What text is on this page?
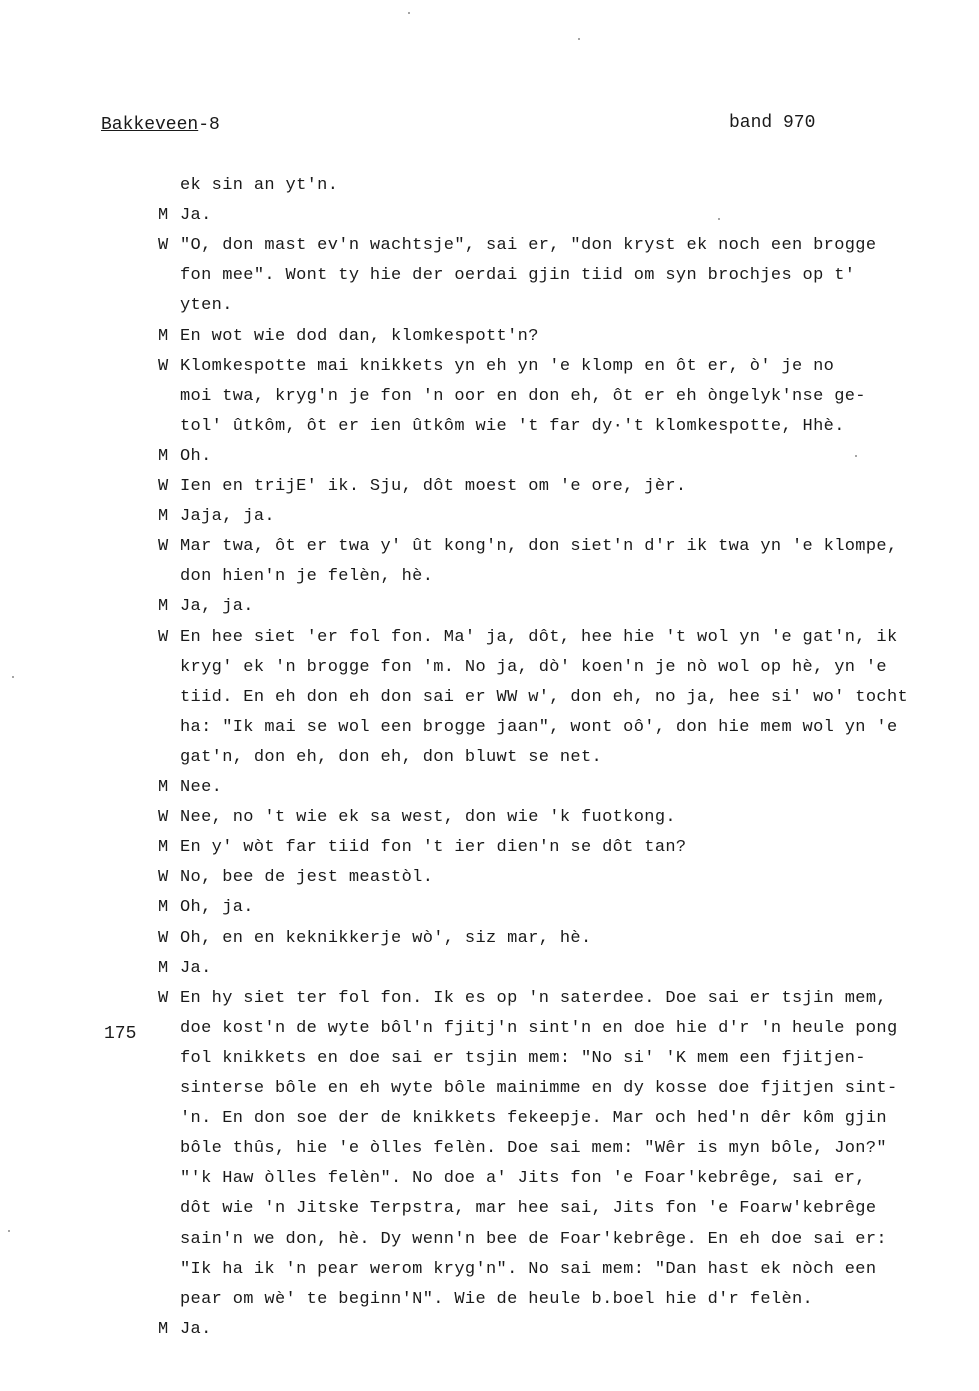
Bakkeveen-8	band 970
175
ek sin an yt'n.
M Ja.
W "O, don mast ev'n wachtsje", sai er, "don kryst ek noch een brogge
fon mee". Wont ty hie der oerdai gjin tiid om syn brochjes op t'
yten.
M En wot wie dod dan, klomkespott'n?
W Klomkespotte mai knikkets yn eh yn 'e klomp en ôt er, ò' je no
moi twa, kryg'n je fon 'n oor en don eh, ôt er eh òngelyk'nse ge-
tol' ûtkôm, ôt er ien ûtkôm wie 't far dy·'t klomkespotte, Hhè.
M Oh.
W Ien en trijE' ik. Sju, dôt moest om 'e ore, jèr.
M Jaja, ja.
W Mar twa, ôt er twa y' ût kong'n, don siet'n d'r ik twa yn 'e klompe,
don hien'n je felèn, hè.
M Ja, ja.
W En hee siet 'er fol fon. Ma' ja, dôt, hee hie 't wol yn 'e gat'n, ik
kryg' ek 'n brogge fon 'm. No ja, dò' koen'n je nò wol op hè, yn 'e
tiid. En eh don eh don sai er WW w', don eh, no ja, hee si' wo' tocht
ha: "Ik mai se wol een brogge jaan", wont oô', don hie mem wol yn 'e
gat'n, don eh, don eh, don bluwt se net.
M Nee.
W Nee, no 't wie ek sa west, don wie 'k fuotkong.
M En y' wòt far tiid fon 't ier dien'n se dôt tan?
W No, bee de jest meastòl.
M Oh, ja.
W Oh, en en keknikkerje wò', siz mar, hè.
M Ja.
W En hy siet ter fol fon. Ik es op 'n saterdee. Doe sai er tsjin mem,
doe kost'n de wyte bôl'n fjitj'n sint'n en doe hie d'r 'n heule pong
fol knikkets en doe sai er tsjin mem: "No si' 'K mem een fjitjen-
sinterse bôle en eh wyte bôle mainimme en dy kosse doe fjitjen sint-
'n. En don soe der de knikkets fekeepje. Mar och hed'n dêr kôm gjin
bôle thûs, hie 'e òlles felèn. Doe sai mem: "Wêr is myn bôle, Jon?"
"'k Haw òlles felèn". No doe a' Jits fon 'e Foar'kebrêge, sai er,
dôt wie 'n Jitske Terpstra, mar hee sai, Jits fon 'e Foarw'kebrêge
sain'n we don, hè. Dy wenn'n bee de Foar'kebrêge. En eh doe sai er:
"Ik ha ik 'n pear werom kryg'n". No sai mem: "Dan hast ek nòch een
pear om wè' te beginn'N". Wie de heule b.boel hie d'r felèn.
M Ja.
